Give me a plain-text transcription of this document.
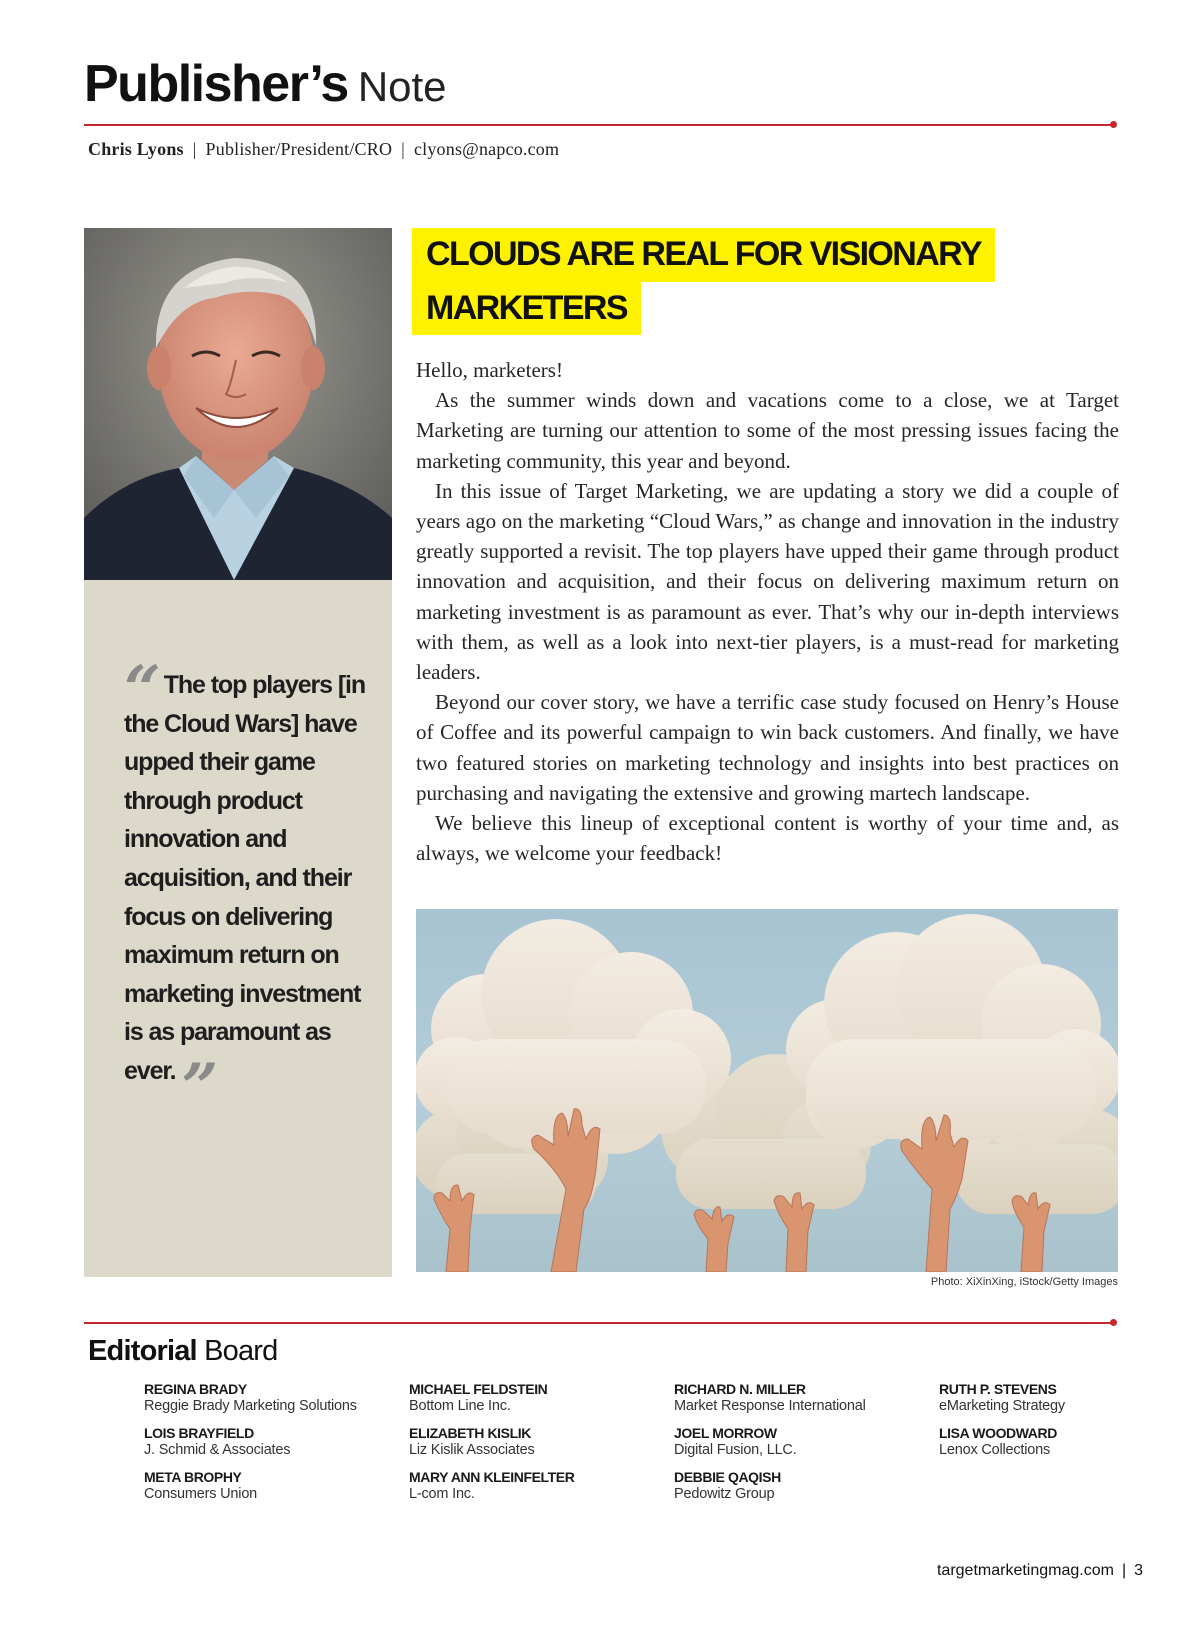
Publisher’s Note
Chris Lyons | Publisher/President/CRO | clyons@napco.com
“ The top players [in the Cloud Wars] have upped their game through product innovation and acquisition, and their focus on delivering maximum return on marketing investment is as paramount as ever.”
CLOUDS ARE REAL FOR VISIONARY
MARKETERS

Hello, marketers!

As the summer winds down and vacations come to a close, we at Target Marketing are turning our attention to some of the most pressing issues facing the marketing community, this year and beyond.

In this issue of Target Marketing, we are updating a story we did a couple of years ago on the marketing “Cloud Wars,” as change and innovation in the industry greatly supported a revisit. The top players have upped their game through product innovation and acquisition, and their focus on delivering maximum return on marketing investment is as paramount as ever. That’s why our in-depth interviews with them, as well as a look into next-tier players, is a must-read for marketing leaders.

Beyond our cover story, we have a terrific case study focused on Henry’s House of Coffee and its powerful campaign to win back customers. And finally, we have two featured stories on marketing technology and insights into best practices on purchasing and navigating the extensive and growing martech landscape.

We believe this lineup of exceptional content is worthy of your time and, as always, we welcome your feedback!

Photo: XiXinXing, iStock/Getty Images
Editorial Board
REGINA BRADY
Reggie Brady Marketing Solutions
LOIS BRAYFIELD
J. Schmid & Associates
META BROPHY
Consumers Union
MICHAEL FELDSTEIN
Bottom Line Inc.
ELIZABETH KISLIK
Liz Kislik Associates
MARY ANN KLEINFELTER
L-com Inc.
RICHARD N. MILLER
Market Response International
JOEL MORROW
Digital Fusion, LLC.
DEBBIE QAQISH
Pedowitz Group
RUTH P. STEVENS
eMarketing Strategy
LISA WOODWARD
Lenox Collections
targetmarketingmag.com | 3
